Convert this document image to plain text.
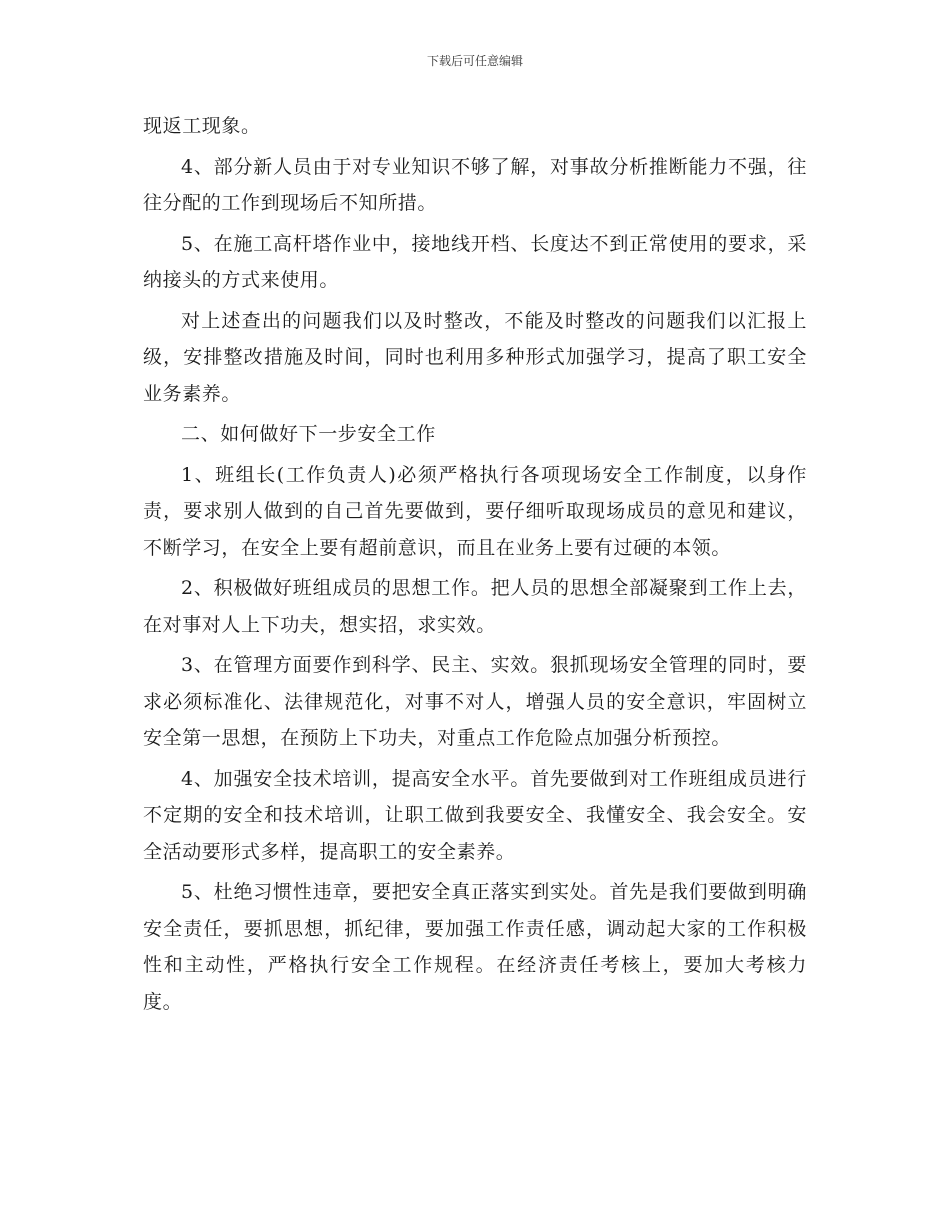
下载后可任意编辑

现返工现象。

4、部分新人员由于对专业知识不够了解，对事故分析推断能力不强，往往分配的工作到现场后不知所措。

5、在施工高杆塔作业中，接地线开档、长度达不到正常使用的要求，采纳接头的方式来使用。

对上述查出的问题我们以及时整改，不能及时整改的问题我们以汇报上级，安排整改措施及时间，同时也利用多种形式加强学习，提高了职工安全业务素养。

二、如何做好下一步安全工作

1、班组长(工作负责人)必须严格执行各项现场安全工作制度，以身作责，要求别人做到的自己首先要做到，要仔细听取现场成员的意见和建议，不断学习，在安全上要有超前意识，而且在业务上要有过硬的本领。

2、积极做好班组成员的思想工作。把人员的思想全部凝聚到工作上去，在对事对人上下功夫，想实招，求实效。

3、在管理方面要作到科学、民主、实效。狠抓现场安全管理的同时，要求必须标准化、法律规范化，对事不对人，增强人员的安全意识，牢固树立安全第一思想，在预防上下功夫，对重点工作危险点加强分析预控。

4、加强安全技术培训，提高安全水平。首先要做到对工作班组成员进行不定期的安全和技术培训，让职工做到我要安全、我懂安全、我会安全。安全活动要形式多样，提高职工的安全素养。

5、杜绝习惯性违章，要把安全真正落实到实处。首先是我们要做到明确安全责任，要抓思想，抓纪律，要加强工作责任感，调动起大家的工作积极性和主动性，严格执行安全工作规程。在经济责任考核上，要加大考核力度。
